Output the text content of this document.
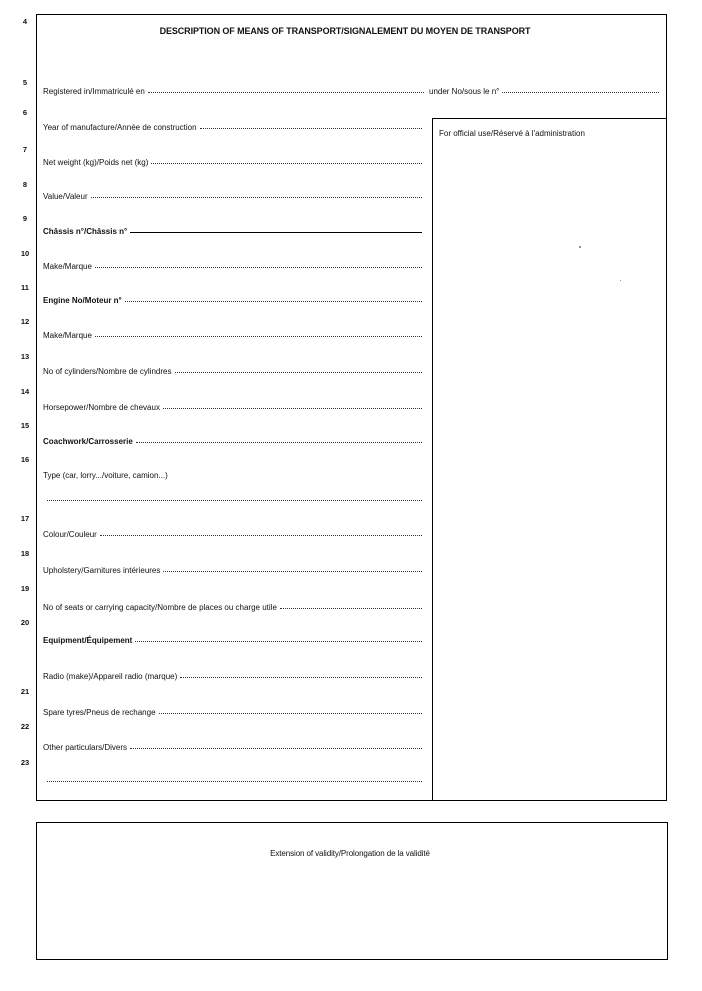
DESCRIPTION OF MEANS OF TRANSPORT/SIGNALEMENT DU MOYEN DE TRANSPORT
4
5
6
7
8
9
10
11
12
13
14
15
16
17
18
19
20
21
22
23
Registered in/Immatriculé en	under No/sous le n°
Year of manufacture/Année de construction
Net weight (kg)/Poids net (kg)
Value/Valeur
Châssis n°/Châssis n°
Make/Marque
Engine No/Moteur n°
Make/Marque
No of cylinders/Nombre de cylindres
Horsepower/Nombre de chevaux
Coachwork/Carrosserie
Type (car, lorry.../voiture, camion...)
Colour/Couleur
Upholstery/Garnitures intérieures
No of seats or carrying capacity/Nombre de places ou charge utile
Equipment/Équipement
Radio (make)/Appareil radio (marque)
Spare tyres/Pneus de rechange
Other particulars/Divers
For official use/Réservé à l'administration
Extension of validity/Prolongation de la validité
